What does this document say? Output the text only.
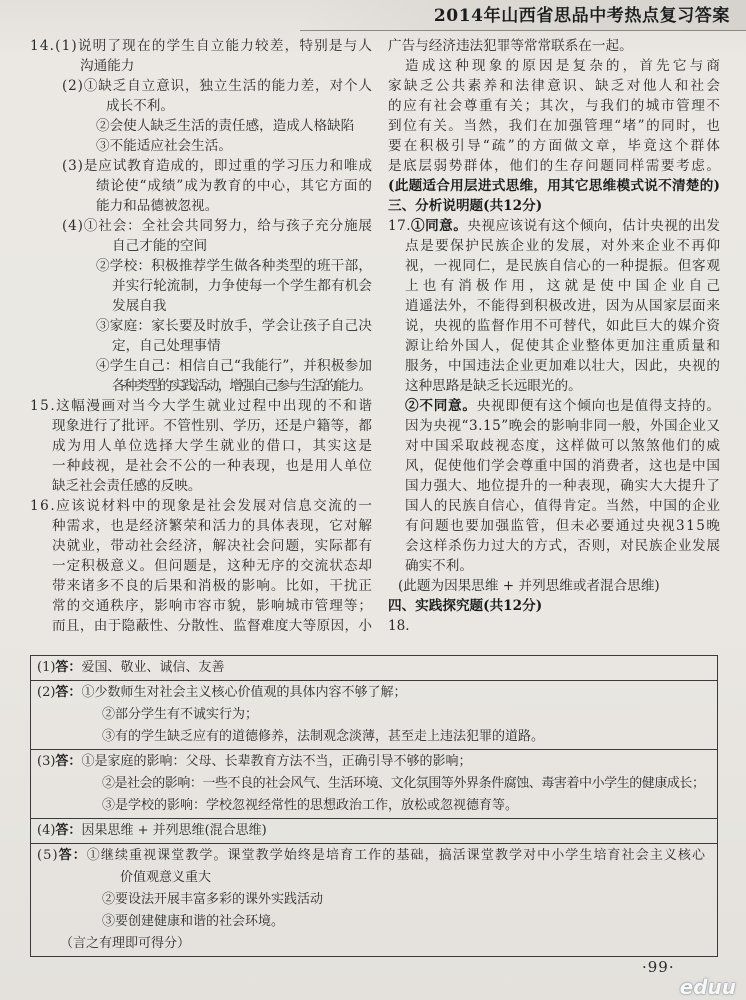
2014年山西省思品中考热点复习答案
14.(1)说明了现在的学生自立能力较差，特别是与人
沟通能力
(2)①缺乏自立意识，独立生活的能力差，对个人
成长不利。
②会使人缺乏生活的责任感，造成人格缺陷
③不能适应社会生活。
(3)是应试教育造成的，即过重的学习压力和唯成
绩论使“成绩”成为教育的中心，其它方面的
能力和品德被忽视。
(4)①社会：全社会共同努力，给与孩子充分施展
自己才能的空间
②学校：积极推荐学生做各种类型的班干部，
并实行轮流制，力争使每一个学生都有机会
发展自我
③家庭：家长要及时放手，学会让孩子自己决
定，自己处理事情
④学生自己：相信自己“我能行”，并积极参加
各种类型的实践活动，增强自己参与生活的能力。
15.这幅漫画对当今大学生就业过程中出现的不和谐
现象进行了批评。不管性别、学历，还是户籍等，都
成为用人单位选择大学生就业的借口，其实这是
一种歧视，是社会不公的一种表现，也是用人单位
缺乏社会责任感的反映。
16.应该说材料中的现象是社会发展对信息交流的一
种需求，也是经济繁荣和活力的具体表现，它对解
决就业，带动社会经济，解决社会问题，实际都有
一定积极意义。但问题是，这种无序的交流状态却
带来诸多不良的后果和消极的影响。比如，干扰正
常的交通秩序，影响市容市貌，影响城市管理等；
而且，由于隐蔽性、分散性、监督难度大等原因，小
广告与经济违法犯罪等常常联系在一起。
造成这种现象的原因是复杂的，首先它与商
家缺乏公共素养和法律意识、缺乏对他人和社会
的应有社会尊重有关；其次，与我们的城市管理不
到位有关。当然，我们在加强管理“堵”的同时，也
要在积极引导“疏”的方面做文章，毕竟这个群体
是底层弱势群体，他们的生存问题同样需要考虑。
(此题适合用层进式思维，用其它思维模式说不清楚的)
三、分析说明题(共12分)
17.①同意。央视应该说有这个倾向，估计央视的出发
点是要保护民族企业的发展，对外来企业不再仰
视，一视同仁，是民族自信心的一种提振。但客观
上也有消极作用，这就是使中国企业自己
逍遥法外，不能得到积极改进，因为从国家层面来
说，央视的监督作用不可替代，如此巨大的媒介资
源让给外国人，促使其企业整体更加注重质量和
服务，中国违法企业更加难以壮大，因此，央视的
这种思路是缺乏长远眼光的。
②不同意。央视即便有这个倾向也是值得支持的。
因为央视“3.15”晚会的影响非同一般，外国企业又
对中国采取歧视态度，这样做可以煞煞他们的威
风，促使他们学会尊重中国的消费者，这也是中国
国力强大、地位提升的一种表现，确实大大提升了
国人的民族自信心，值得肯定。当然，中国的企业
有问题也要加强监管，但未必要通过央视315晚
会这样杀伤力过大的方式，否则，对民族企业发展
确实不利。
(此题为因果思维 + 并列思维或者混合思维)
四、实践探究题(共12分)
18.
(1)答：爱国、敬业、诚信、友善
(2)答：①少数师生对社会主义核心价值观的具体内容不够了解；
②部分学生有不诚实行为；
③有的学生缺乏应有的道德修养，法制观念淡薄，甚至走上违法犯罪的道路。
(3)答：①是家庭的影响：父母、长辈教育方法不当，正确引导不够的影响；
②是社会的影响：一些不良的社会风气、生活环境、文化氛围等外界条件腐蚀、毒害着中小学生的健康成长；
③是学校的影响：学校忽视经常性的思想政治工作，放松或忽视德育等。
(4)答：因果思维 + 并列思维(混合思维)
(5)答：①继续重视课堂教学。课堂教学始终是培育工作的基础，搞活课堂教学对中小学生培育社会主义核心
价值观意义重大
②要设法开展丰富多彩的课外实践活动
③要创建健康和谐的社会环境。
（言之有理即可得分）
·99·
eduu
